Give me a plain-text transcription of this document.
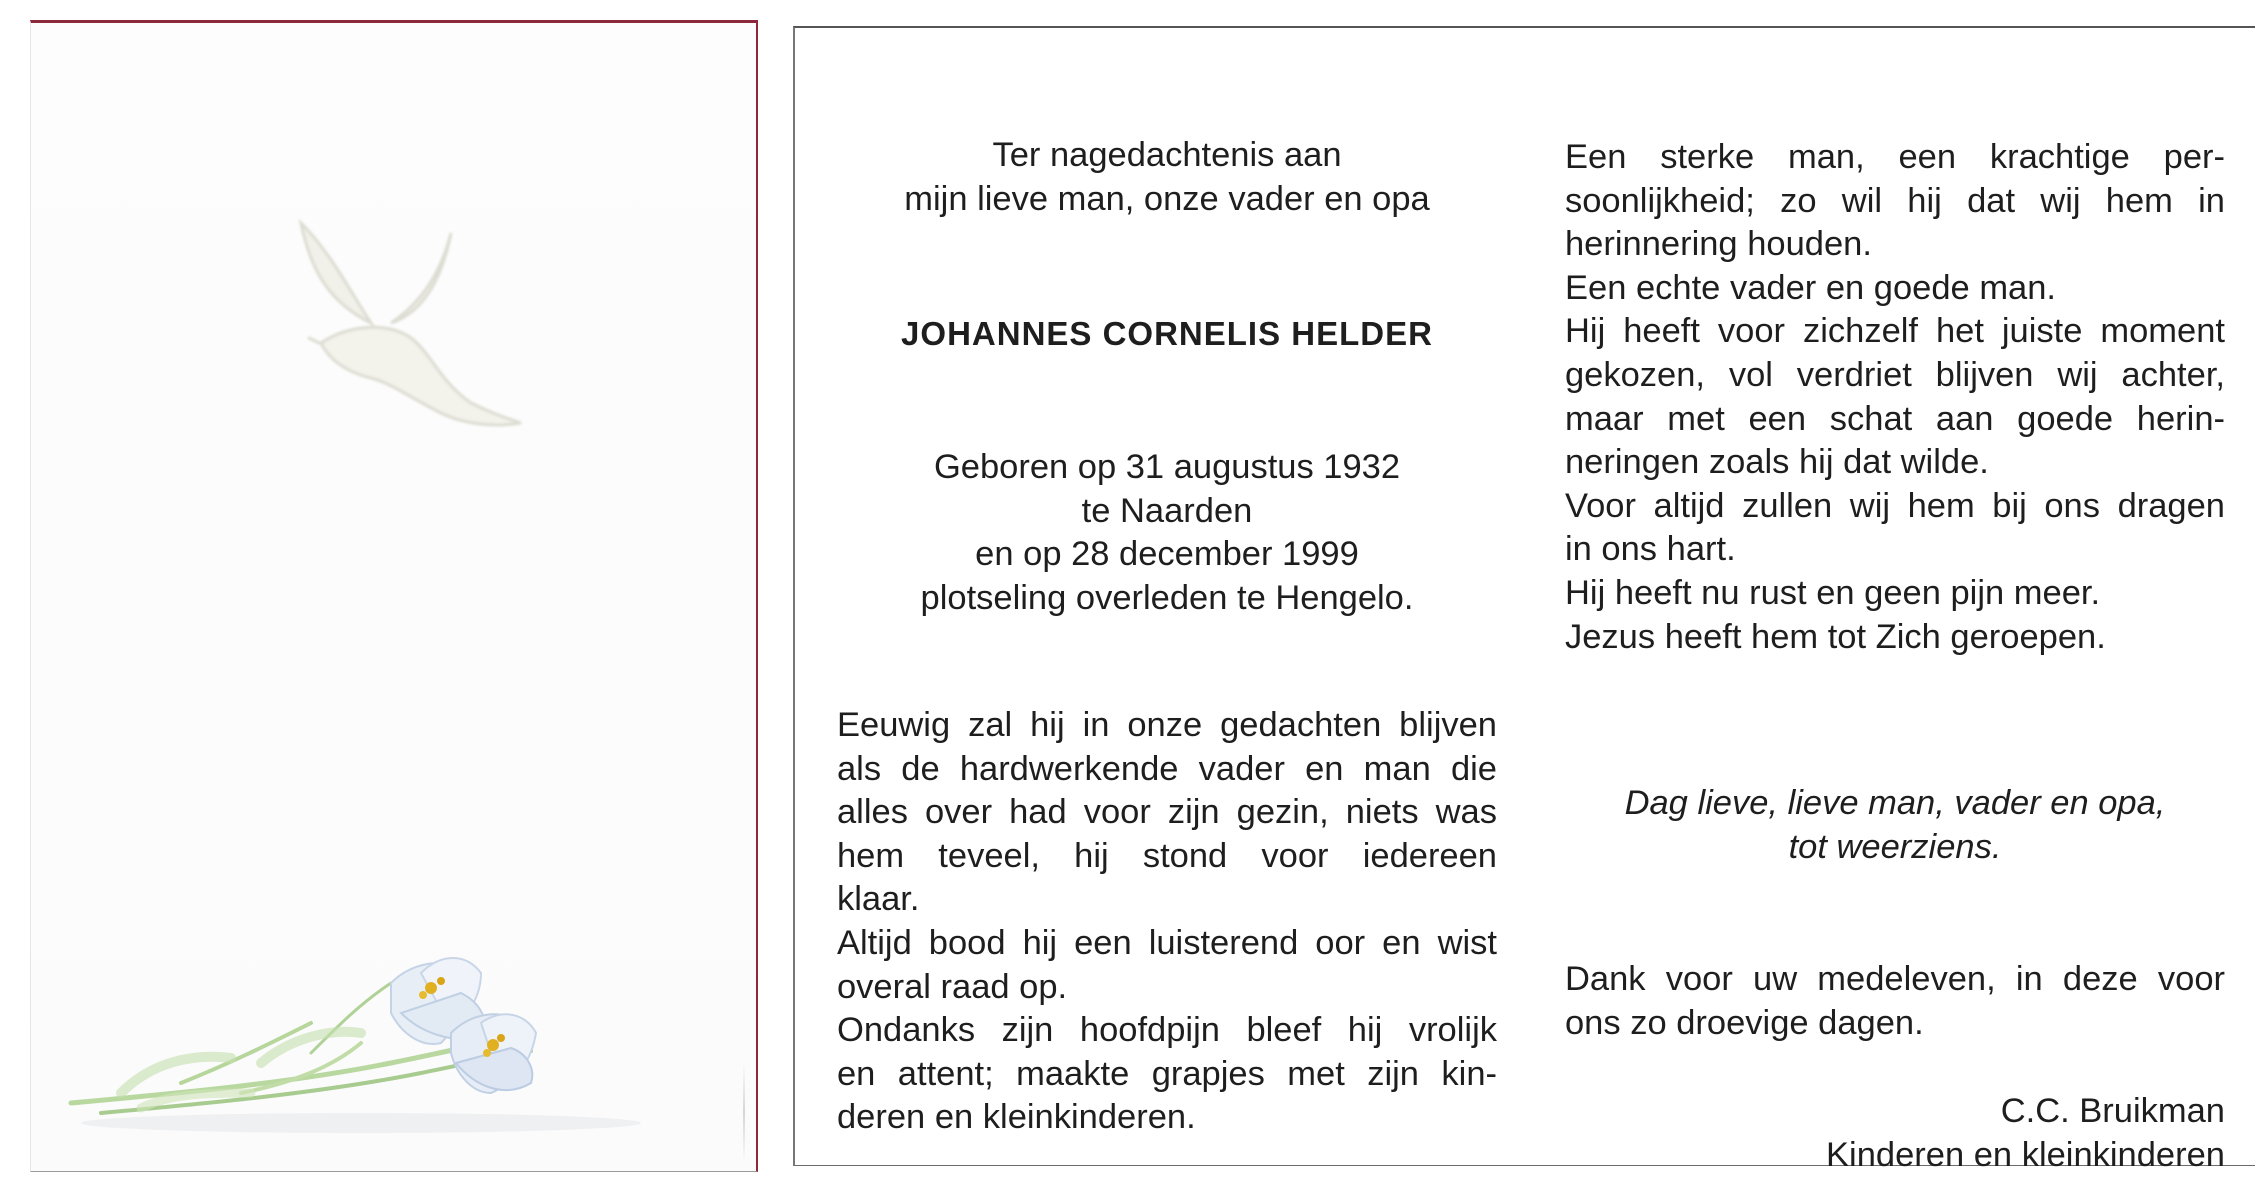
Ter nagedachtenis aan
mijn lieve man, onze vader en opa
JOHANNES CORNELIS HELDER
Geboren op 31 augustus 1932
te Naarden
en op 28 december 1999
plotseling overleden te Hengelo.
Eeuwig zal hij in onze gedachten blijven
als de hardwerkende vader en man die
alles over had voor zijn gezin, niets was
hem teveel, hij stond voor iedereen
klaar.
Altijd bood hij een luisterend oor en wist
overal raad op.
Ondanks zijn hoofdpijn bleef hij vrolijk
en attent; maakte grapjes met zijn kin-
deren en kleinkinderen.
Een sterke man, een krachtige per-
soonlijkheid; zo wil hij dat wij hem in
herinnering houden.
Een echte vader en goede man.
Hij heeft voor zichzelf het juiste moment
gekozen, vol verdriet blijven wij achter,
maar met een schat aan goede herin-
neringen zoals hij dat wilde.
Voor altijd zullen wij hem bij ons dragen
in ons hart.
Hij heeft nu rust en geen pijn meer.
Jezus heeft hem tot Zich geroepen.
Dag lieve, lieve man, vader en opa,
tot weerziens.
Dank voor uw medeleven, in deze voor
ons zo droevige dagen.
C.C. Bruikman
Kinderen en kleinkinderen
